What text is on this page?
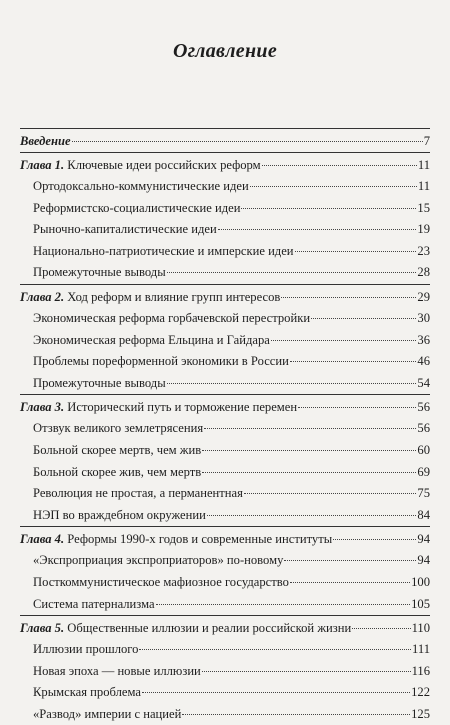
Оглавление
Введение	7
Глава 1. Ключевые идеи российских реформ	11
Ортодоксально-коммунистические идеи	11
Реформистско-социалистические идеи	15
Рыночно-капиталистические идеи	19
Национально-патриотические и имперские идеи	23
Промежуточные выводы	28
Глава 2. Ход реформ и влияние групп интересов	29
Экономическая реформа горбачевской перестройки	30
Экономическая реформа Ельцина и Гайдара	36
Проблемы пореформенной экономики в России	46
Промежуточные выводы	54
Глава 3. Исторический путь и торможение перемен	56
Отзвук великого землетрясения	56
Больной скорее мертв, чем жив	60
Больной скорее жив, чем мертв	69
Революция не простая, а перманентная	75
НЭП во враждебном окружении	84
Глава 4. Реформы 1990-х годов и современные институты	94
«Экспроприация экспроприаторов» по-новому	94
Посткоммунистическое мафиозное государство	100
Система патернализма	105
Глава 5. Общественные иллюзии и реалии российской жизни	110
Иллюзии прошлого	111
Новая эпоха — новые иллюзии	116
Крымская проблема	122
«Развод» империи с нацией	125
